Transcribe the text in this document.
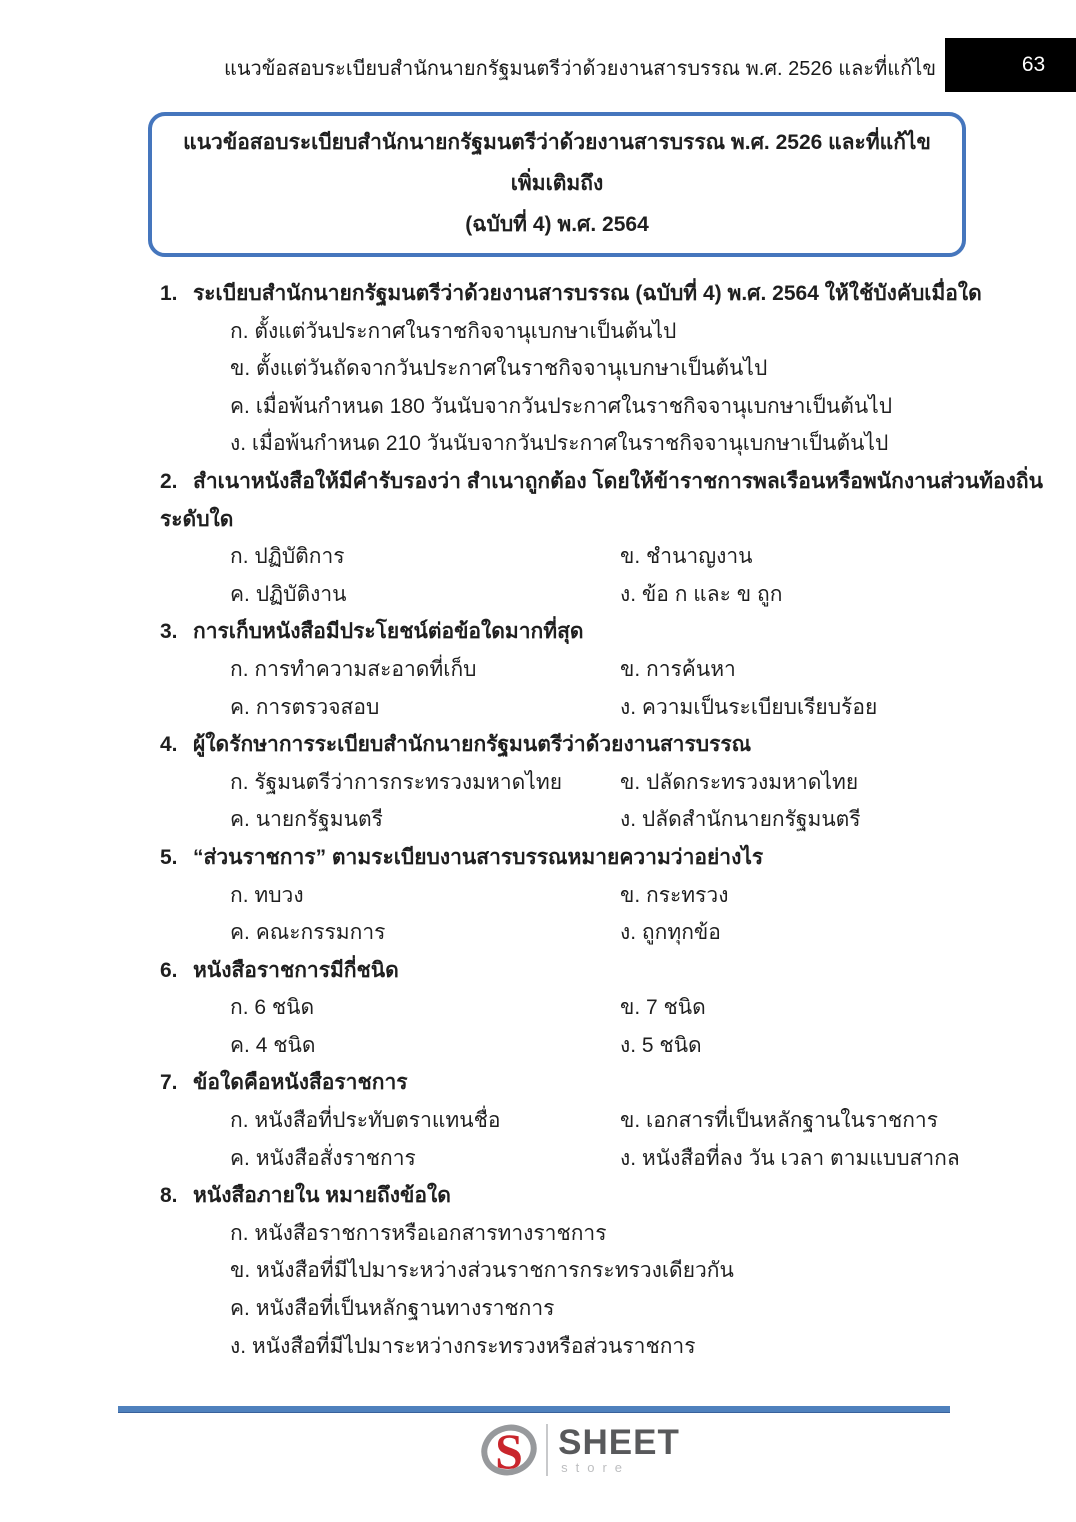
แนวข้อสอบระเบียบสำนักนายกรัฐมนตรีว่าด้วยงานสารบรรณ พ.ศ. 2526 และที่แก้ไข	63
แนวข้อสอบระเบียบสำนักนายกรัฐมนตรีว่าด้วยงานสารบรรณ พ.ศ. 2526 และที่แก้ไขเพิ่มเติมถึง
(ฉบับที่ 4) พ.ศ. 2564
1. ระเบียบสำนักนายกรัฐมนตรีว่าด้วยงานสารบรรณ (ฉบับที่ 4) พ.ศ. 2564 ให้ใช้บังคับเมื่อใด
ก. ตั้งแต่วันประกาศในราชกิจจานุเบกษาเป็นต้นไป
ข. ตั้งแต่วันถัดจากวันประกาศในราชกิจจานุเบกษาเป็นต้นไป
ค. เมื่อพ้นกำหนด 180 วันนับจากวันประกาศในราชกิจจานุเบกษาเป็นต้นไป
ง. เมื่อพ้นกำหนด 210 วันนับจากวันประกาศในราชกิจจานุเบกษาเป็นต้นไป
2. สำเนาหนังสือให้มีคำรับรองว่า สำเนาถูกต้อง โดยให้ข้าราชการพลเรือนหรือพนักงานส่วนท้องถิ่น
ระดับใด
ก. ปฏิบัติการ	ข. ชำนาญงาน
ค. ปฏิบัติงาน	ง. ข้อ ก และ ข ถูก
3. การเก็บหนังสือมีประโยชน์ต่อข้อใดมากที่สุด
ก. การทำความสะอาดที่เก็บ	ข. การค้นหา
ค. การตรวจสอบ	ง. ความเป็นระเบียบเรียบร้อย
4. ผู้ใดรักษาการระเบียบสำนักนายกรัฐมนตรีว่าด้วยงานสารบรรณ
ก. รัฐมนตรีว่าการกระทรวงมหาดไทย	ข. ปลัดกระทรวงมหาดไทย
ค. นายกรัฐมนตรี	ง. ปลัดสำนักนายกรัฐมนตรี
5. “ส่วนราชการ” ตามระเบียบงานสารบรรณหมายความว่าอย่างไร
ก. ทบวง	ข. กระทรวง
ค. คณะกรรมการ	ง. ถูกทุกข้อ
6. หนังสือราชการมีกี่ชนิด
ก. 6 ชนิด	ข. 7 ชนิด
ค. 4 ชนิด	ง. 5 ชนิด
7. ข้อใดคือหนังสือราชการ
ก. หนังสือที่ประทับตราแทนชื่อ	ข. เอกสารที่เป็นหลักฐานในราชการ
ค. หนังสือสั่งราชการ	ง. หนังสือที่ลง วัน เวลา ตามแบบสากล
8. หนังสือภายใน หมายถึงข้อใด
ก. หนังสือราชการหรือเอกสารทางราชการ
ข. หนังสือที่มีไปมาระหว่างส่วนราชการกระทรวงเดียวกัน
ค. หนังสือที่เป็นหลักฐานทางราชการ
ง. หนังสือที่มีไปมาระหว่างกระทรวงหรือส่วนราชการ
S SHEET
store
